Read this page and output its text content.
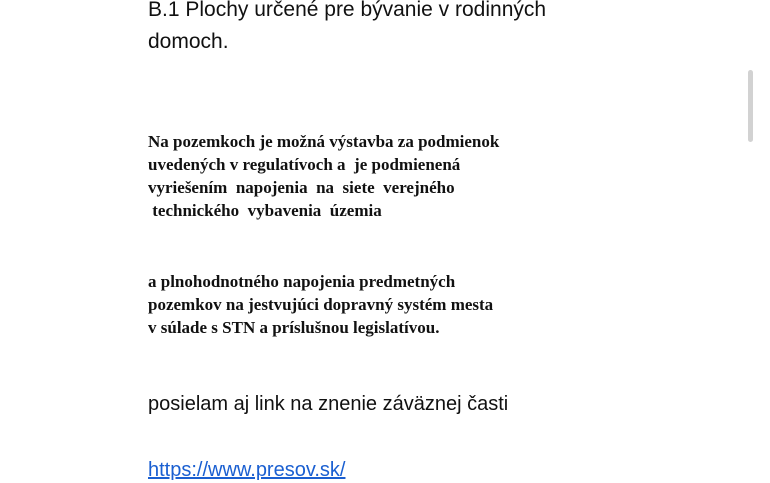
B.1 Plochy určené pre bývanie v rodinných
domoch.

Na pozemkoch je možná výstavba za podmienok
uvedených v regulatívoch a  je podmienená
vyriešením  napojenia  na  siete  verejného
technického  vybavenia  územia
a plnohodnotného napojenia predmetných
pozemkov na jestvujúci dopravný systém mesta
v súlade s STN a príslušnou legislatívou.

posielam aj link na znenie záväznej časti

https://www.presov.sk/
